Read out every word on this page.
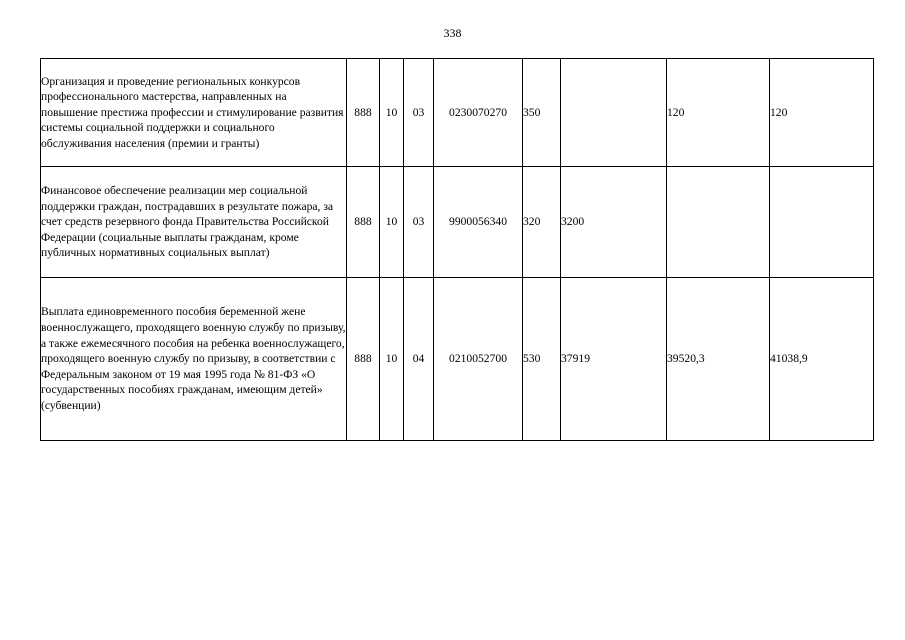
338
Организация и проведение региональных конкурсов профессионального мастерства, направленных на повышение престижа профессии и стимулирование развития системы социальной поддержки и социального обслуживания населения (премии и гранты)	888	10	03	0230070270	350		120	120
Финансовое обеспечение реализации мер социальной поддержки граждан, пострадавших в результате пожара, за счет средств резервного фонда Правительства Российской Федерации (социальные выплаты гражданам, кроме публичных нормативных социальных выплат)	888	10	03	9900056340	320	3200		
Выплата единовременного пособия беременной жене военнослужащего, проходящего военную службу по призыву, а также ежемесячного пособия на ребенка военнослужащего, проходящего военную службу по призыву, в соответствии с Федеральным законом от 19 мая 1995 года № 81-ФЗ «О государственных пособиях гражданам, имеющим детей» (субвенции)	888	10	04	0210052700	530	37919	39520,3	41038,9
